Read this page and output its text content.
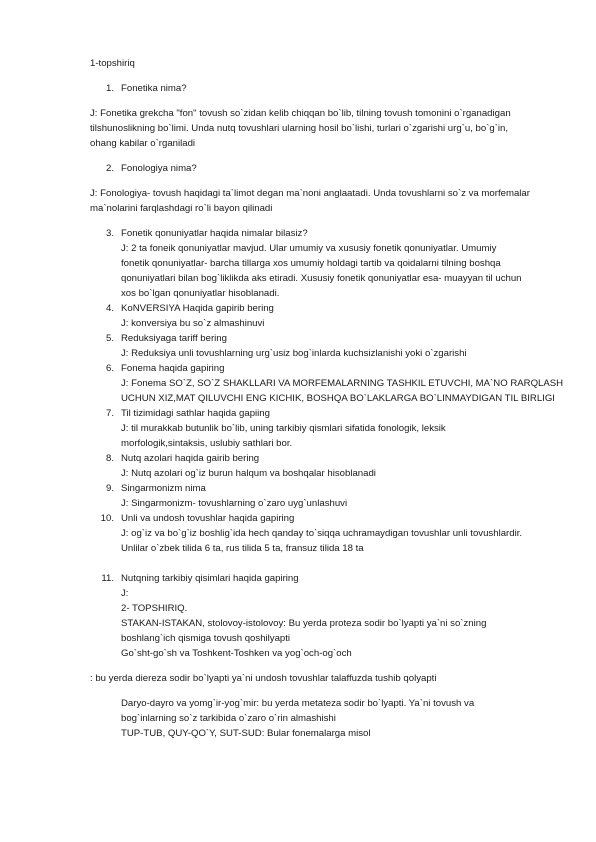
1-topshiriq
1. Fonetika nima?
J: Fonetika grekcha "fon" tovush so`zidan kelib chiqqan bo`lib, tilning tovush tomonini o`rganadigan
tilshunoslikning bo`limi. Unda nutq tovushlari ularning hosil bo`lishi, turlari o`zgarishi urg`u, bo`g`in,
ohang kabilar o`rganiladi
2. Fonologiya nima?
J: Fonologiya- tovush haqidagi ta`limot degan ma`noni anglaatadi. Unda tovushlarni so`z va morfemalar
ma`nolarini farqlashdagi ro`li bayon qilinadi
3. Fonetik qonuniyatlar haqida nimalar bilasiz?
J: 2 ta foneik qonuniyatlar mavjud. Ular umumiy va xususiy fonetik qonuniyatlar. Umumiy
fonetik qonuniyatlar- barcha tillarga xos umumiy holdagi tartib va qoidalarni tilning boshqa
qonuniyatlari bilan bog`liklikda aks etiradi. Xususiy fonetik qonuniyatlar esa- muayyan til uchun
xos bo`lgan qonuniyatlar hisoblanadi.
4. KoNVERSIYA Haqida gapirib bering
J: konversiya bu so`z almashinuvi
5. Reduksiyaga tariff bering
J: Reduksiya unli tovushlarning urg`usiz bog`inlarda kuchsizlanishi yoki o`zgarishi
6. Fonema haqida gapiring
J: Fonema SO`Z, SO`Z SHAKLLARI VA MORFEMALARNING TASHKIL ETUVCHI, MA`NO RARQLASH
UCHUN XIZ,MAT QILUVCHI ENG KICHIK, BOSHQA BO`LAKLARGA BO`LINMAYDIGAN TIL BIRLIGI
7. Til tizimidagi sathlar haqida gapiing
J: til murakkab butunlik bo`lib, uning tarkibiy qismlari sifatida fonologik, leksik
morfologik,sintaksis, uslubiy sathlari bor.
8. Nutq azolari haqida gairib bering
J: Nutq azolari og`iz burun halqum va boshqalar hisoblanadi
9. Singarmonizm nima
J: Singarmonizm- tovushlarning o`zaro uyg`unlashuvi
10. Unli va undosh tovushlar haqida gapiring
J: og`iz va bo`g`iz boshlig`ida hech qanday to`siqqa uchramaydigan tovushlar unli tovushlardir.
Unlilar o`zbek tilida 6 ta, rus tilida 5 ta, fransuz tilida 18 ta
11. Nutqning tarkibiy qisimlari haqida gapiring
J:
2- TOPSHIRIQ.
STAKAN-ISTAKAN, stolovoy-istolovoy: Bu yerda proteza sodir bo`lyapti ya`ni so`zning
boshlang`ich qismiga tovush qoshilyapti
Go`sht-go`sh va Toshkent-Toshken va yog`och-og`och
: bu yerda diereza sodir bo`lyapti ya`ni undosh tovushlar talaffuzda tushib qolyapti
Daryo-dayro va yomg`ir-yog`mir: bu yerda metateza sodir bo`lyapti. Ya`ni tovush va
bog`inlarning so`z tarkibida o`zaro o`rin almashishi
TUP-TUB, QUY-QO`Y, SUT-SUD: Bular fonemalarga misol
